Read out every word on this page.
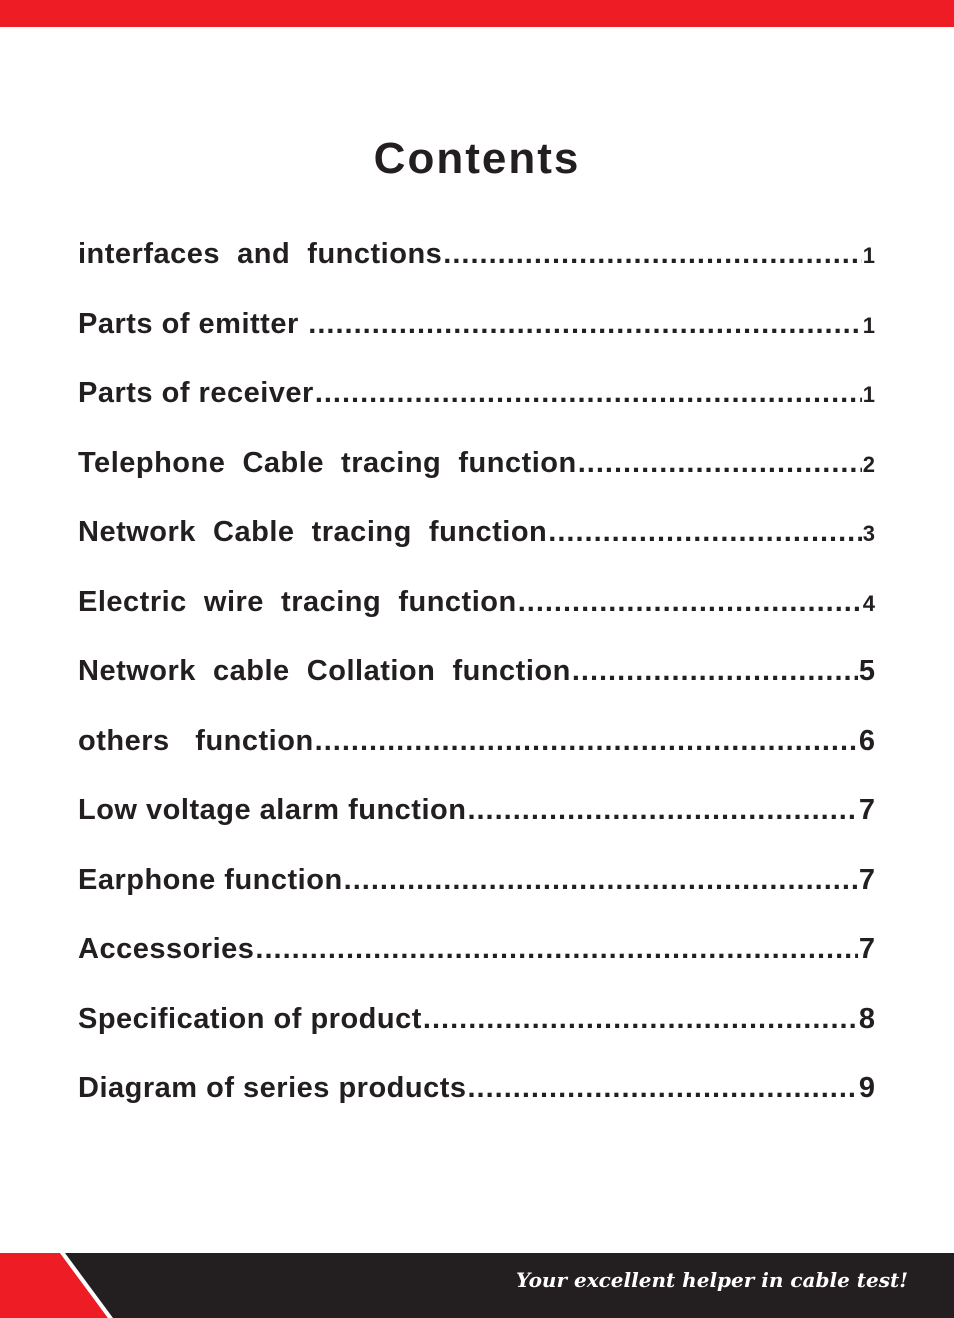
Contents
interfaces  and  functions .....	1
Parts of emitter .....	1
Parts of receiver .....	1
Telephone  Cable  tracing  function .....	2
Network  Cable  tracing  function .....	3
Electric  wire  tracing  function .....	4
Network  cable  Collation  function .....	5
others   function .....	6
Low voltage alarm function .....	7
Earphone function .....	7
Accessories .....	7
Specification of product .....	8
Diagram of series products .....	9
Your excellent helper in cable test!
